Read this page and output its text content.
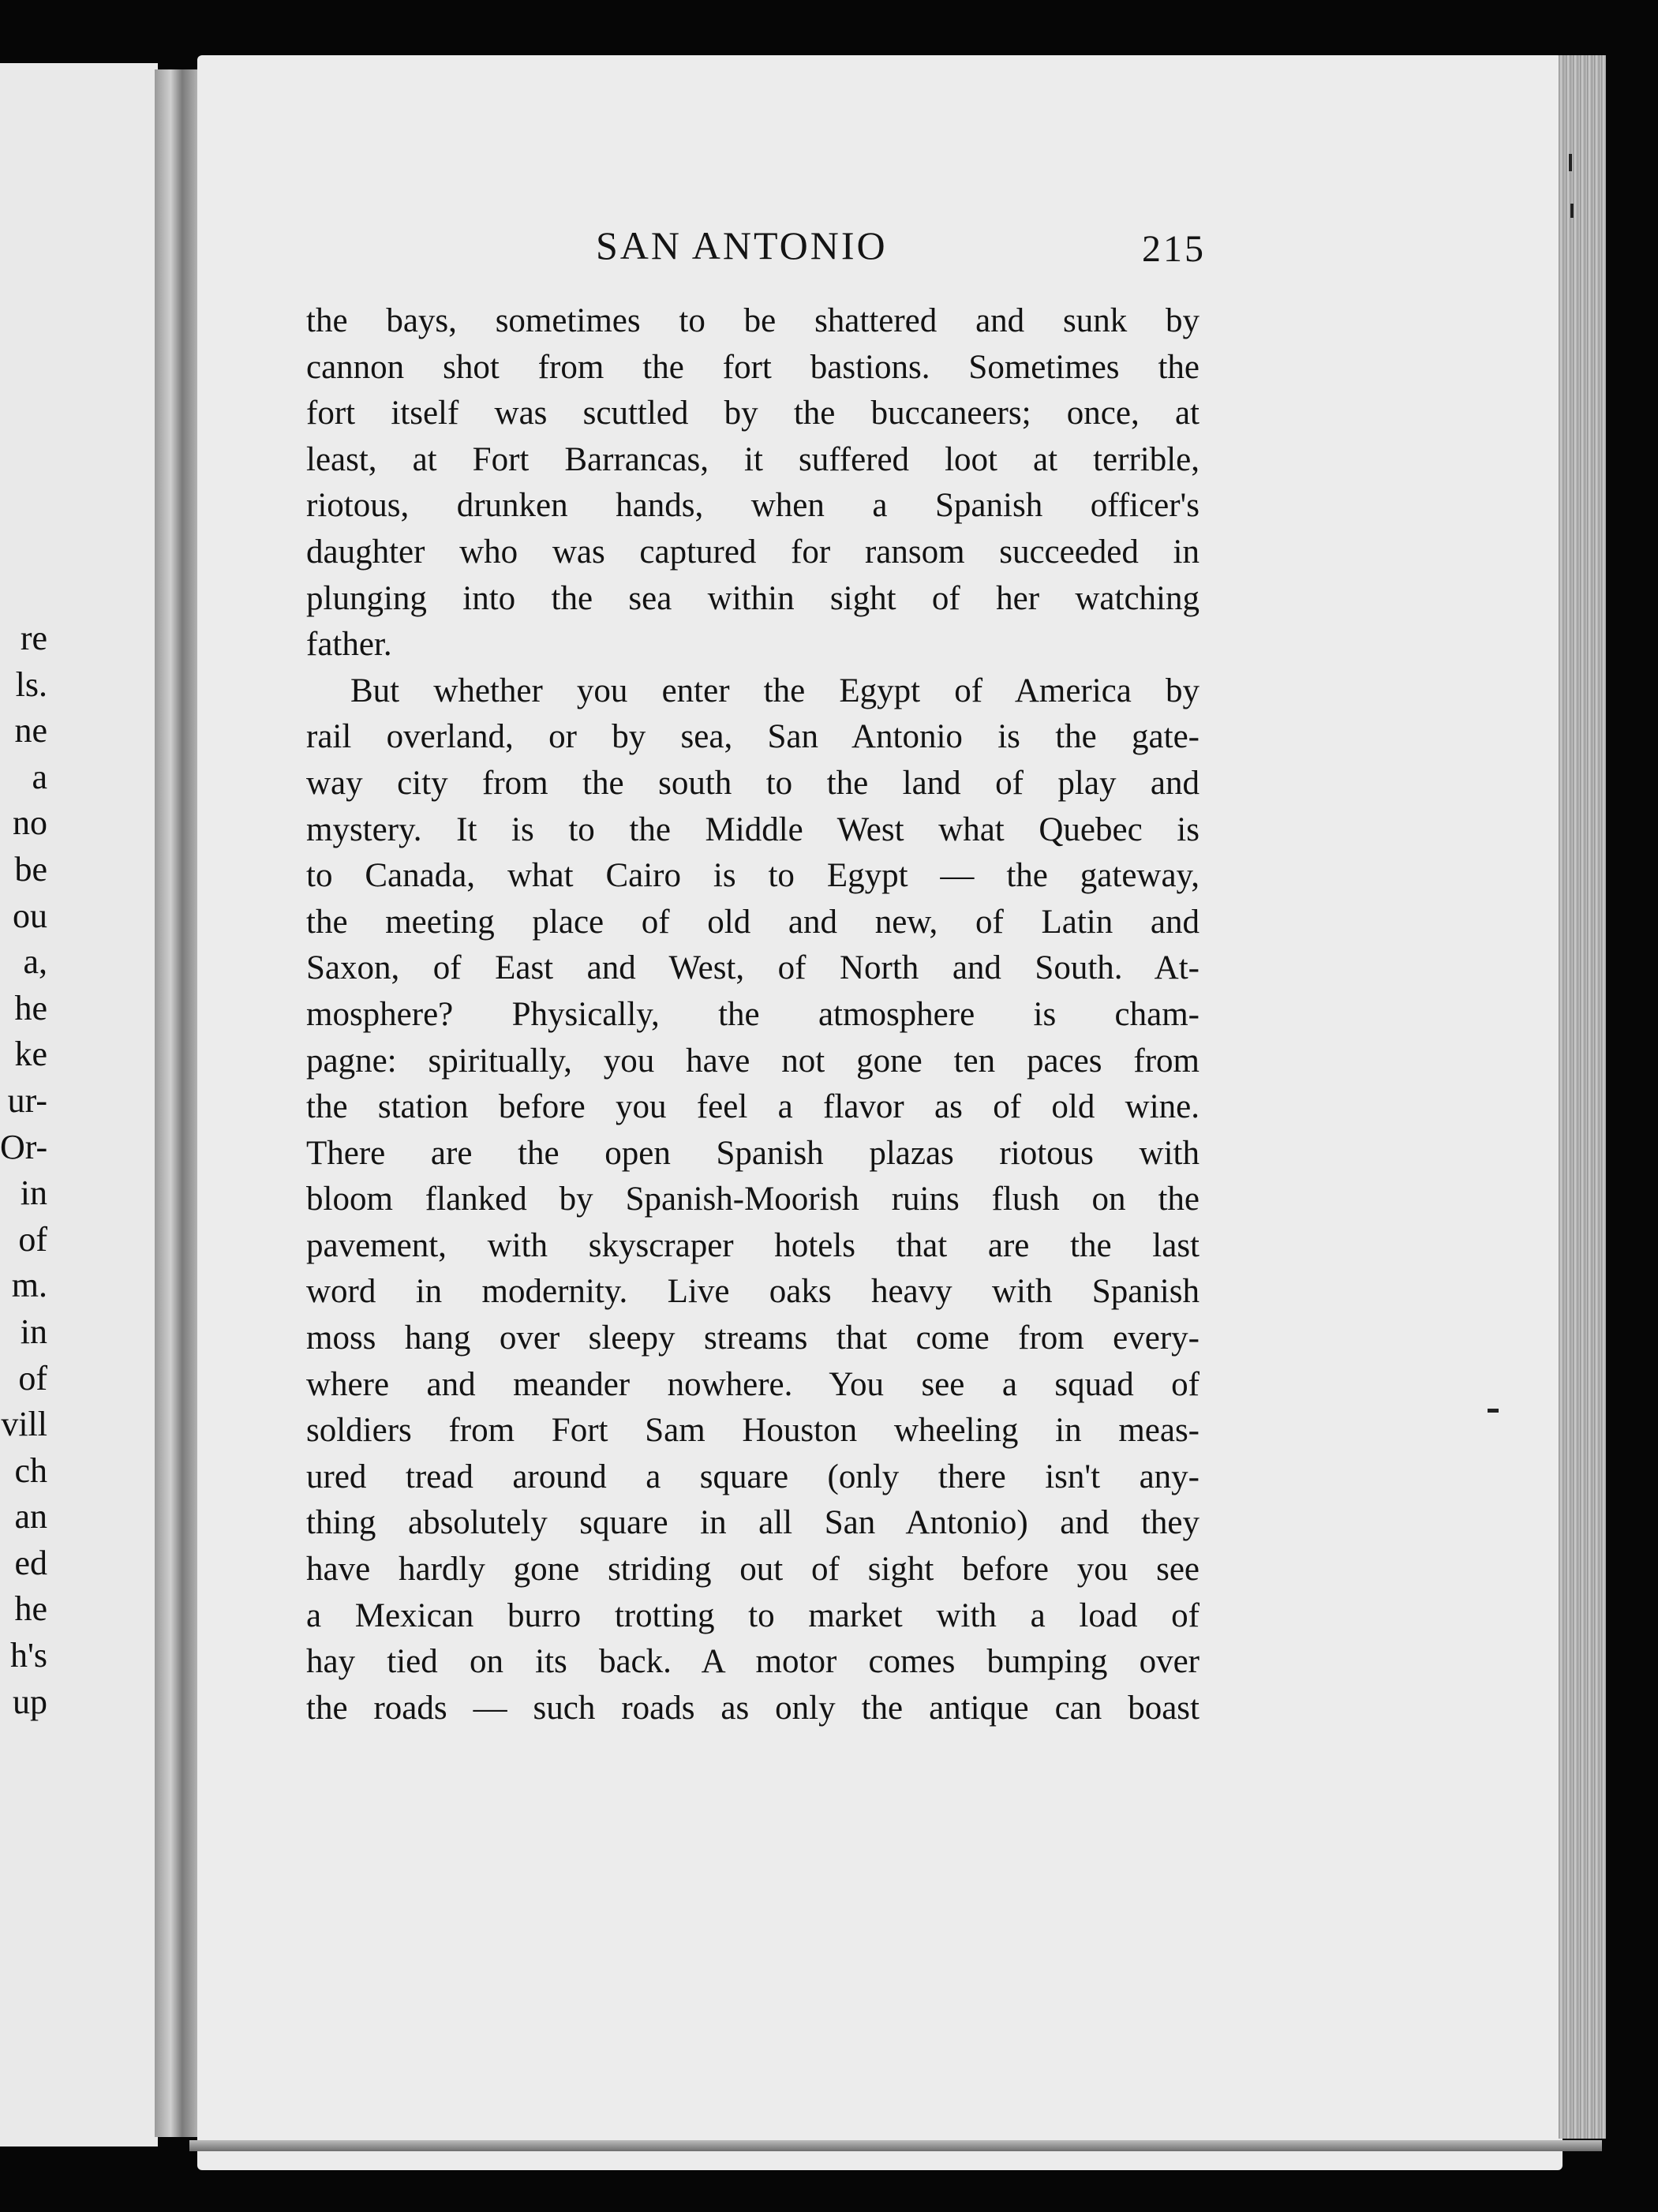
re
ls.
ne
a
no
be
ou
a,
he
ke
ur-
Or-
in
of
m.
in
of
vill
ch
an
ed
he
h's
up
SAN ANTONIO	215
the bays, sometimes to be shattered and sunk by
cannon shot from the fort bastions. Sometimes the
fort itself was scuttled by the buccaneers; once, at
least, at Fort Barrancas, it suffered loot at terrible,
riotous, drunken hands, when a Spanish officer's
daughter who was captured for ransom succeeded in
plunging into the sea within sight of her watching
father.
But whether you enter the Egypt of America by
rail overland, or by sea, San Antonio is the gate-
way city from the south to the land of play and
mystery. It is to the Middle West what Quebec is
to Canada, what Cairo is to Egypt — the gateway,
the meeting place of old and new, of Latin and
Saxon, of East and West, of North and South. At-
mosphere? Physically, the atmosphere is cham-
pagne: spiritually, you have not gone ten paces from
the station before you feel a flavor as of old wine.
There are the open Spanish plazas riotous with
bloom flanked by Spanish-Moorish ruins flush on the
pavement, with skyscraper hotels that are the last
word in modernity. Live oaks heavy with Spanish
moss hang over sleepy streams that come from every-
where and meander nowhere. You see a squad of
soldiers from Fort Sam Houston wheeling in meas-
ured tread around a square (only there isn't any-
thing absolutely square in all San Antonio) and they
have hardly gone striding out of sight before you see
a Mexican burro trotting to market with a load of
hay tied on its back. A motor comes bumping over
the roads — such roads as only the antique can boast
